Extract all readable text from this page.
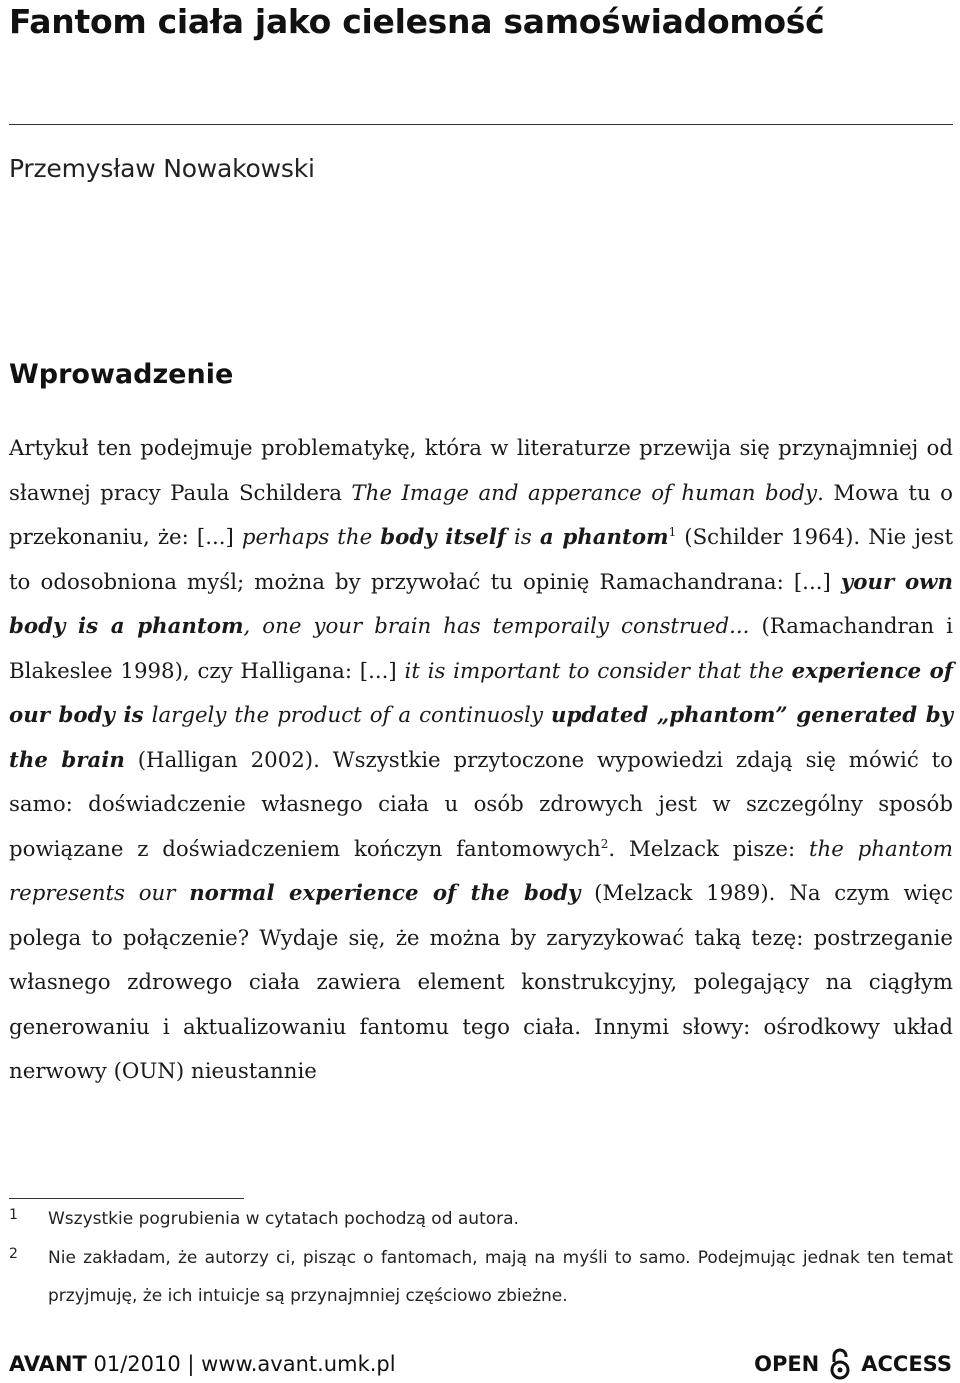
Fantom ciała jako cielesna samoświadomość
Przemysław Nowakowski
Wprowadzenie

Artykuł ten podejmuje problematykę, która w literaturze przewija się przynajmniej od sławnej pracy Paula Schildera The Image and apperance of human body. Mowa tu o przekonaniu, że: [...] perhaps the body itself is a phantom$^1$ (Schilder 1964). Nie jest to odosobniona myśl; można by przywołać tu opinię Ramachandrana: [...] your own body is a phantom, one your brain has temporaily construed... (Ramachandran i Blakeslee 1998), czy Halligana: [...] it is important to consider that the experience of our body is largely the product of a continuosly updated „phantom” generated by the brain (Halligan 2002). Wszystkie przytoczone wypowiedzi zdają się mówić to samo: doświadczenie własnego ciała u osób zdrowych jest w szczególny sposób powiązane z doświadczeniem kończyn fantomowych$^2$. Melzack pisze: the phantom represents our normal experience of the body (Melzack 1989). Na czym więc polega to połączenie? Wydaje się, że można by zaryzykować taką tezę: postrzeganie własnego zdrowego ciała zawiera element konstrukcyjny, polegający na ciągłym generowaniu i aktualizowaniu fantomu tego ciała. Innymi słowy: ośrodkowy układ nerwowy (OUN) nieustannie

1 Wszystkie pogrubienia w cytatach pochodzą od autora.
2 Nie zakładam, że autorzy ci, pisząc o fantomach, mają na myśli to samo. Podejmując jednak ten temat przyjmuję, że ich intuicje są przynajmniej częściowo zbieżne.
AVANT 01/2010 | www.avant.umk.pl	OPEN ACCESS
